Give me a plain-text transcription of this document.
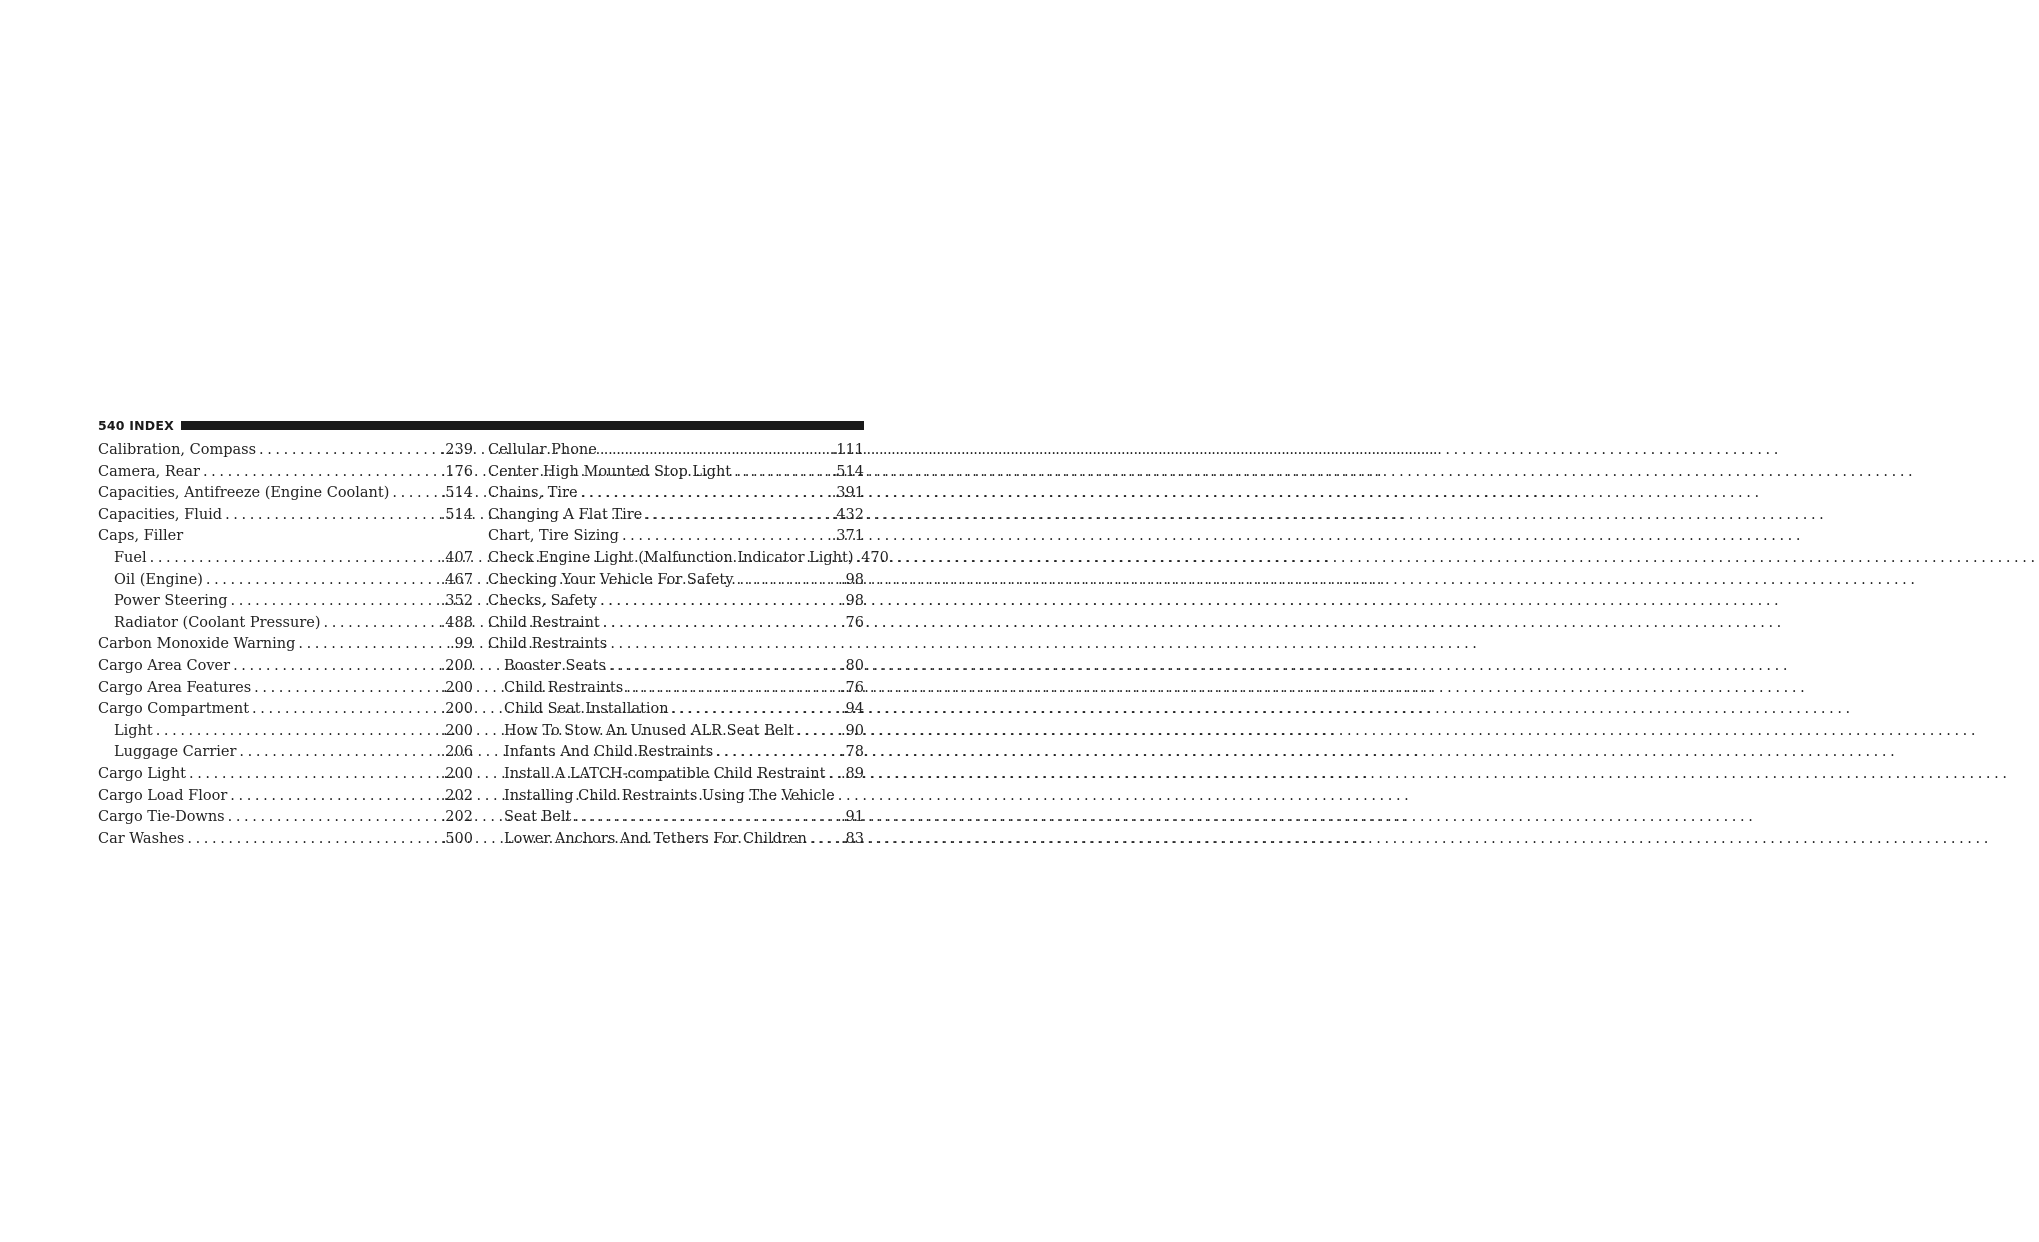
540 INDEX
Calibration, Compass .....	.239
Camera, Rear .....	.176
Capacities, Antifreeze (Engine Coolant) .....	.514
Capacities, Fluid .....	.514
Caps, Filler
Fuel .....	.407
Oil (Engine) .....	.467
Power Steering .....	.352
Radiator (Coolant Pressure) .....	.488
Carbon Monoxide Warning .....	.99
Cargo Area Cover .....	.200
Cargo Area Features .....	.200
Cargo Compartment .....	.200
Light .....	.200
Luggage Carrier .....	.206
Cargo Light .....	.200
Cargo Load Floor .....	.202
Cargo Tie-Downs .....	.202
Car Washes .....	.500
Cellular Phone .....	.111
Center High Mounted Stop Light .....	.514
Chains, Tire .....	.391
Changing A Flat Tire .....	.432
Chart, Tire Sizing .....	.371
Check Engine Light (Malfunction Indicator Light) ..... .470
Checking Your Vehicle For Safety .....	.98
Checks, Safety .....	.98
Child Restraint .....	.76
Child Restraints
Booster Seats .....	.80
Child Restraints .....	.76
Child Seat Installation .....	.94
How To Stow An Unused ALR Seat Belt .....	.90
Infants And Child Restraints .....	.78
Install A LATCH-compatible Child Restraint ..... .89
Installing Child Restraints Using The Vehicle
Seat Belt .....	.91
Lower Anchors And Tethers For Children ..... .83
